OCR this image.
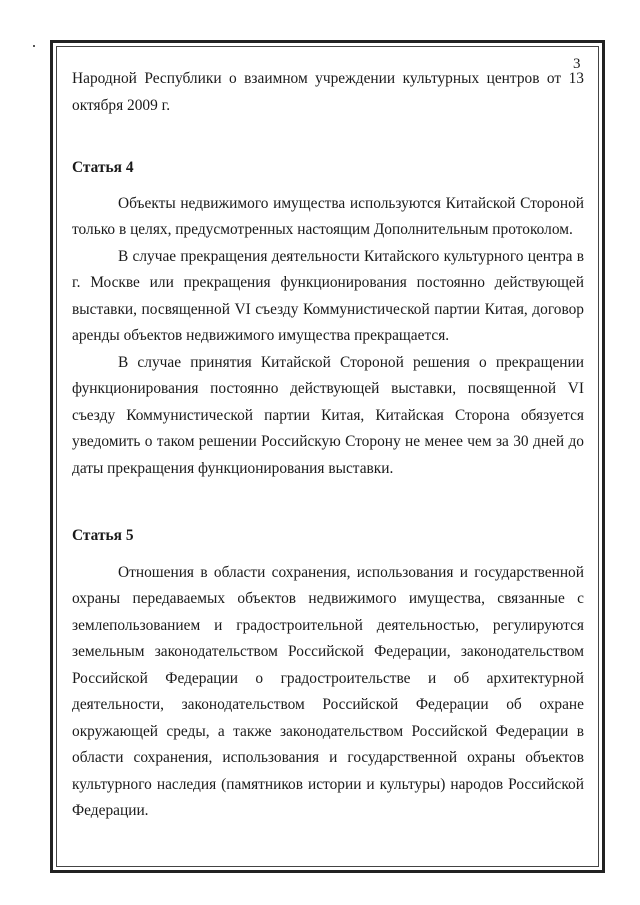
3

Народной Республики о взаимном учреждении культурных центров от 13 октября 2009 г.

Статья 4

Объекты недвижимого имущества используются Китайской Стороной только в целях, предусмотренных настоящим Дополнительным протоколом.

В случае прекращения деятельности Китайского культурного центра в г. Москве или прекращения функционирования постоянно действующей выставки, посвященной VI съезду Коммунистической партии Китая, договор аренды объектов недвижимого имущества прекращается.

В случае принятия Китайской Стороной решения о прекращении функционирования постоянно действующей выставки, посвященной VI съезду Коммунистической партии Китая, Китайская Сторона обязуется уведомить о таком решении Российскую Сторону не менее чем за 30 дней до даты прекращения функционирования выставки.

Статья 5

Отношения в области сохранения, использования и государственной охраны передаваемых объектов недвижимого имущества, связанные с землепользованием и градостроительной деятельностью, регулируются земельным законодательством Российской Федерации, законодательством Российской Федерации о градостроительстве и об архитектурной деятельности, законодательством Российской Федерации об охране окружающей среды, а также законодательством Российской Федерации в области сохранения, использования и государственной охраны объектов культурного наследия (памятников истории и культуры) народов Российской Федерации.
